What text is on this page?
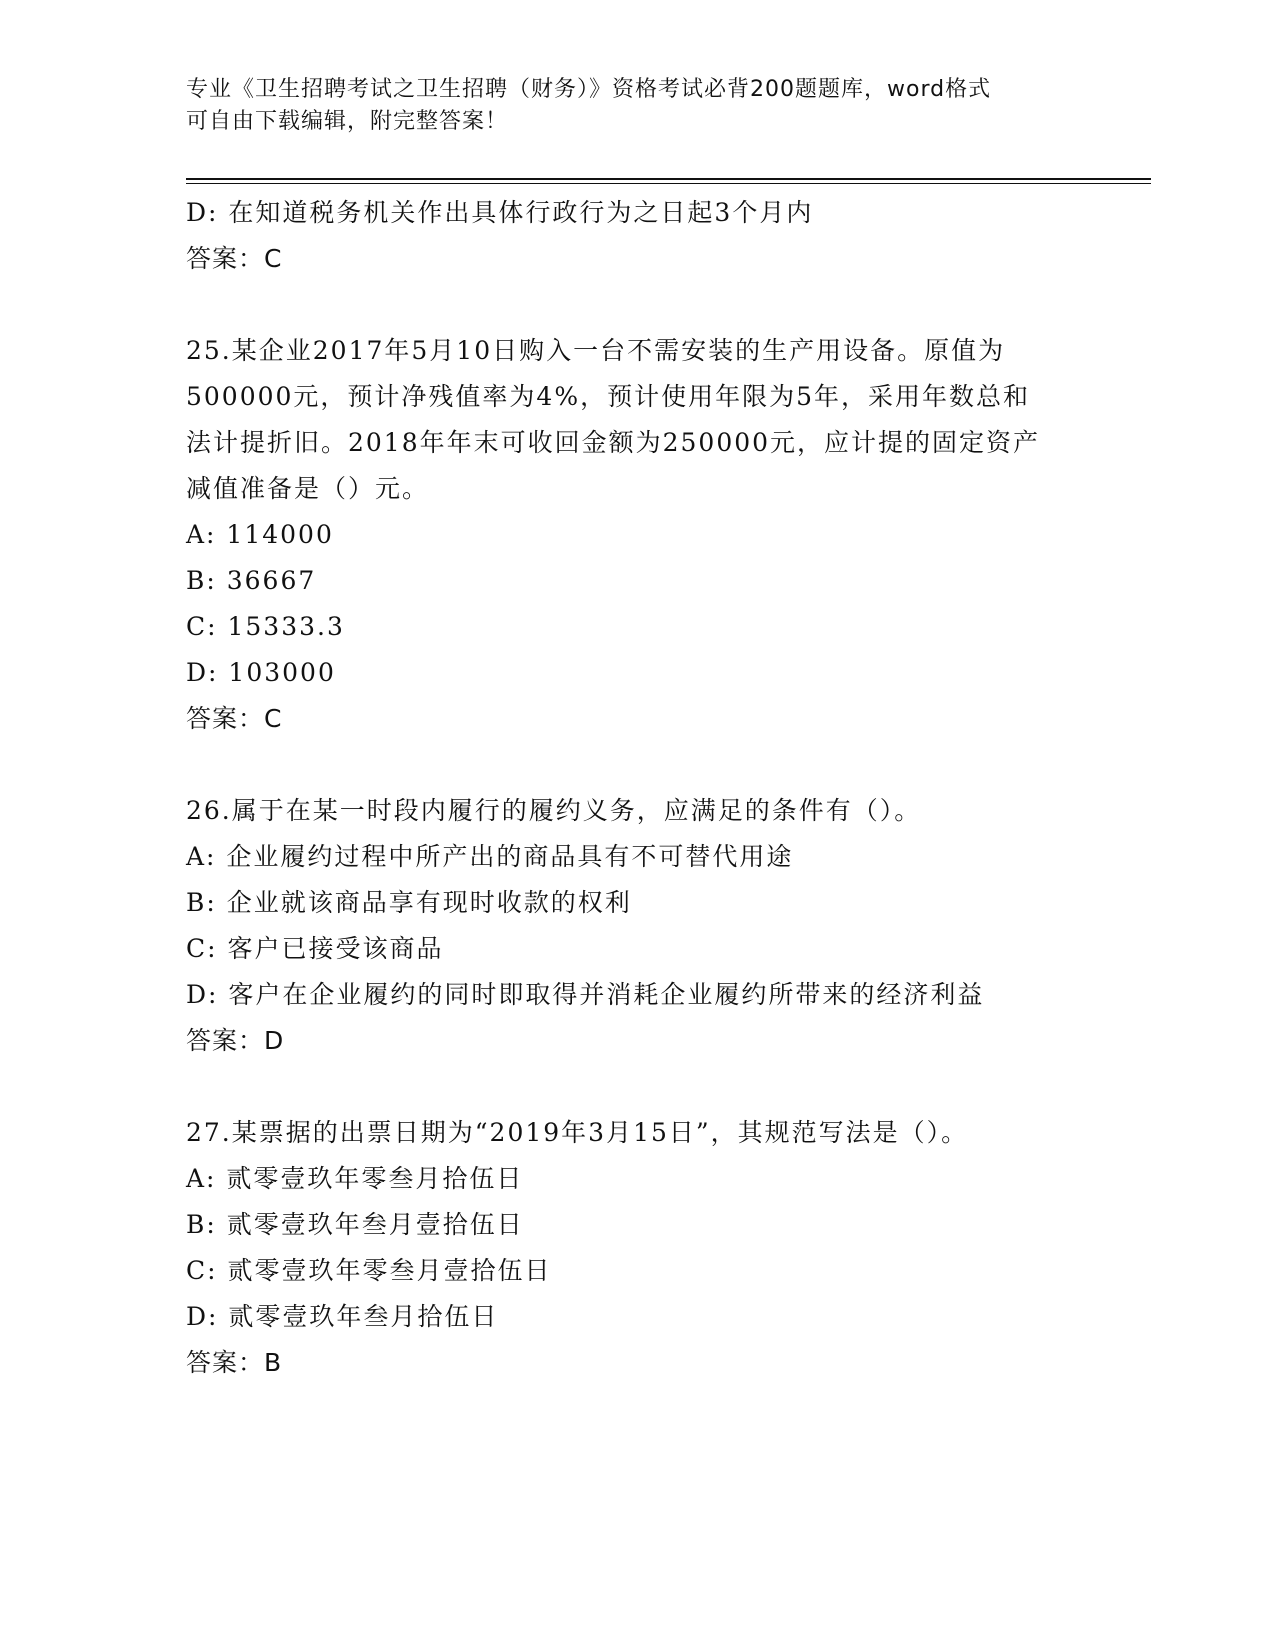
专业《卫生招聘考试之卫生招聘（财务）》资格考试必背200题题库，word格式
可自由下载编辑，附完整答案！
D: 在知道税务机关作出具体行政行为之日起3个月内
答案：C
25.某企业2017年5月10日购入一台不需安装的生产用设备。原值为
500000元，预计净残值率为4%，预计使用年限为5年，采用年数总和
法计提折旧。2018年年末可收回金额为250000元，应计提的固定资产
减值准备是（）元。
A: 114000
B: 36667
C: 15333.3
D: 103000
答案：C
26.属于在某一时段内履行的履约义务，应满足的条件有（）。
A: 企业履约过程中所产出的商品具有不可替代用途
B: 企业就该商品享有现时收款的权利
C: 客户已接受该商品
D: 客户在企业履约的同时即取得并消耗企业履约所带来的经济利益
答案：D
27.某票据的出票日期为“2019年3月15日”，其规范写法是（）。
A: 贰零壹玖年零叁月拾伍日
B: 贰零壹玖年叁月壹拾伍日
C: 贰零壹玖年零叁月壹拾伍日
D: 贰零壹玖年叁月拾伍日
答案：B
